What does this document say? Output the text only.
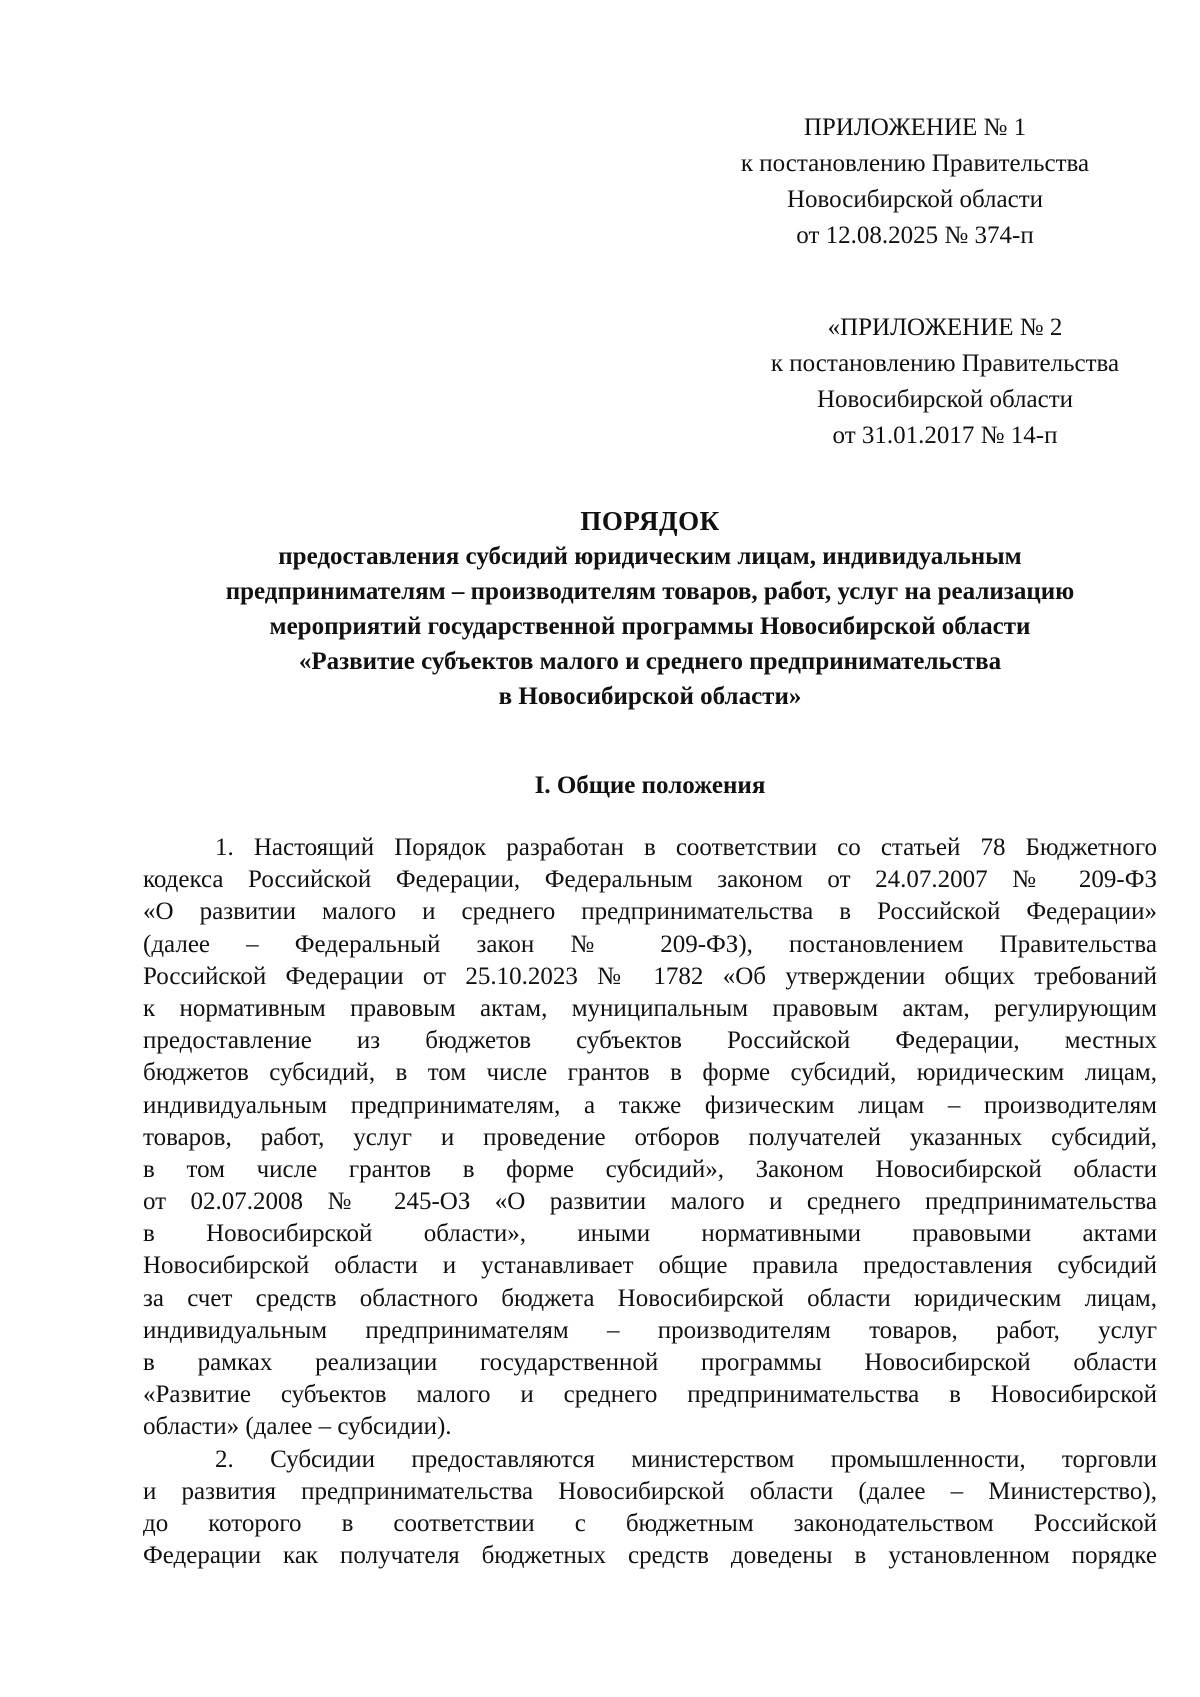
ПРИЛОЖЕНИЕ № 1
к постановлению Правительства
Новосибирской области
от 12.08.2025 № 374-п
«ПРИЛОЖЕНИЕ № 2
к постановлению Правительства
Новосибирской области
от 31.01.2017 № 14-п
ПОРЯДОК
предоставления субсидий юридическим лицам, индивидуальным
предпринимателям – производителям товаров, работ, услуг на реализацию
мероприятий государственной программы Новосибирской области
«Развитие субъектов малого и среднего предпринимательства
в Новосибирской области»
I. Общие положения
1. Настоящий Порядок разработан в соответствии со статьей 78 Бюджетного
кодекса Российской Федерации, Федеральным законом от 24.07.2007 № 209-ФЗ
«О развитии малого и среднего предпринимательства в Российской Федерации»
(далее – Федеральный закон № 209-ФЗ), постановлением Правительства
Российской Федерации от 25.10.2023 № 1782 «Об утверждении общих требований
к нормативным правовым актам, муниципальным правовым актам, регулирующим
предоставление из бюджетов субъектов Российской Федерации, местных
бюджетов субсидий, в том числе грантов в форме субсидий, юридическим лицам,
индивидуальным предпринимателям, а также физическим лицам – производителям
товаров, работ, услуг и проведение отборов получателей указанных субсидий,
в том числе грантов в форме субсидий», Законом Новосибирской области
от 02.07.2008 № 245-ОЗ «О развитии малого и среднего предпринимательства
в Новосибирской области», иными нормативными правовыми актами
Новосибирской области и устанавливает общие правила предоставления субсидий
за счет средств областного бюджета Новосибирской области юридическим лицам,
индивидуальным предпринимателям – производителям товаров, работ, услуг
в рамках реализации государственной программы Новосибирской области
«Развитие субъектов малого и среднего предпринимательства в Новосибирской
области» (далее – субсидии).
2. Субсидии предоставляются министерством промышленности, торговли
и развития предпринимательства Новосибирской области (далее – Министерство),
до которого в соответствии с бюджетным законодательством Российской
Федерации как получателя бюджетных средств доведены в установленном порядке
